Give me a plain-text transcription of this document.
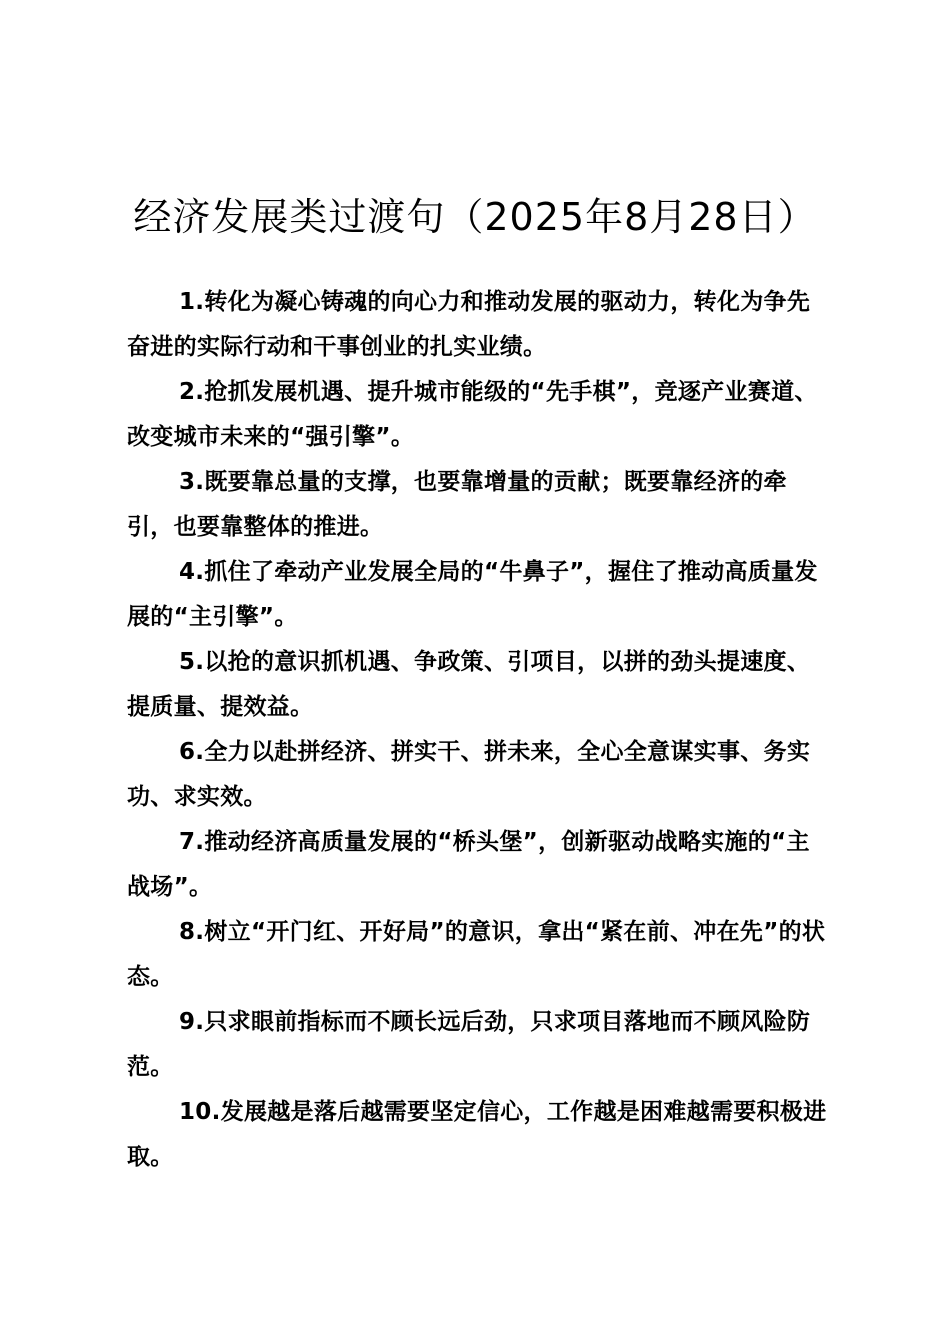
经济发展类过渡句（2025年8月28日）

1.转化为凝心铸魂的向心力和推动发展的驱动力，转化为争先奋进的实际行动和干事创业的扎实业绩。

2.抢抓发展机遇、提升城市能级的“先手棋”，竞逐产业赛道、改变城市未来的“强引擎”。

3.既要靠总量的支撑，也要靠增量的贡献；既要靠经济的牵引，也要靠整体的推进。

4.抓住了牵动产业发展全局的“牛鼻子”，握住了推动高质量发展的“主引擎”。

5.以抢的意识抓机遇、争政策、引项目，以拼的劲头提速度、提质量、提效益。

6.全力以赴拼经济、拼实干、拼未来，全心全意谋实事、务实功、求实效。

7.推动经济高质量发展的“桥头堡”，创新驱动战略实施的“主战场”。

8.树立“开门红、开好局”的意识，拿出“紧在前、冲在先”的状态。

9.只求眼前指标而不顾长远后劲，只求项目落地而不顾风险防范。

10.发展越是落后越需要坚定信心，工作越是困难越需要积极进取。
